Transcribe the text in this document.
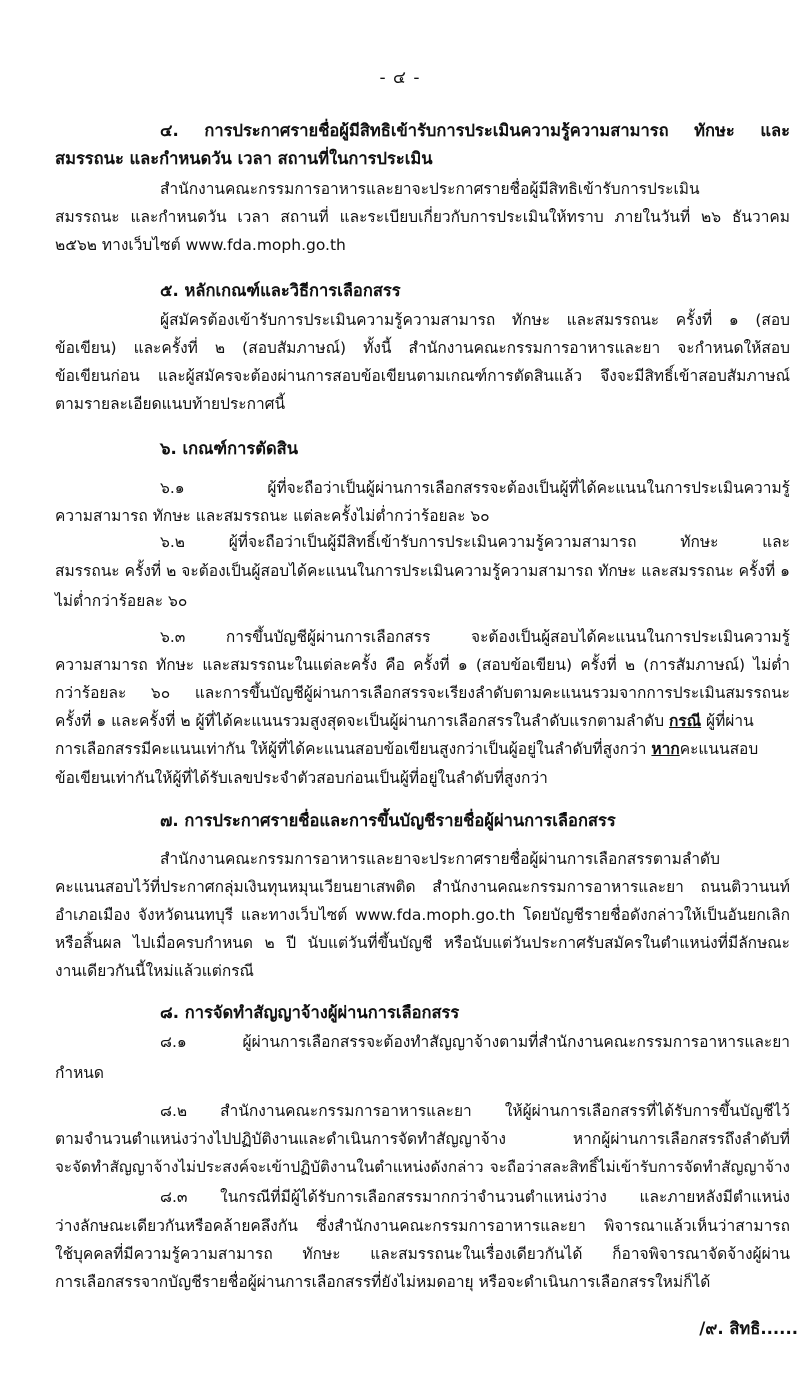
- ๔ -
๔. การประกาศรายชื่อผู้มีสิทธิเข้ารับการประเมินความรู้ความสามารถ ทักษะ และ
สมรรถนะ และกำหนดวัน เวลา สถานที่ในการประเมิน
สำนักงานคณะกรรมการอาหารและยาจะประกาศรายชื่อผู้มีสิทธิเข้ารับการประเมิน
สมรรถนะ และกำหนดวัน เวลา สถานที่ และระเบียบเกี่ยวกับการประเมินให้ทราบ ภายในวันที่ ๒๖ ธันวาคม
๒๕๖๒ ทางเว็บไซต์ www.fda.moph.go.th
๕. หลักเกณฑ์และวิธีการเลือกสรร
ผู้สมัครต้องเข้ารับการประเมินความรู้ความสามารถ ทักษะ และสมรรถนะ ครั้งที่ ๑ (สอบ
ข้อเขียน) และครั้งที่ ๒ (สอบสัมภาษณ์) ทั้งนี้ สำนักงานคณะกรรมการอาหารและยา จะกำหนดให้สอบ
ข้อเขียนก่อน และผู้สมัครจะต้องผ่านการสอบข้อเขียนตามเกณฑ์การตัดสินแล้ว จึงจะมีสิทธิ์เข้าสอบสัมภาษณ์
ตามรายละเอียดแนบท้ายประกาศนี้
๖. เกณฑ์การตัดสิน
๖.๑ ผู้ที่จะถือว่าเป็นผู้ผ่านการเลือกสรรจะต้องเป็นผู้ที่ได้คะแนนในการประเมินความรู้
ความสามารถ ทักษะ และสมรรถนะ แต่ละครั้งไม่ต่ำกว่าร้อยละ ๖๐
๖.๒ ผู้ที่จะถือว่าเป็นผู้มีสิทธิ์เข้ารับการประเมินความรู้ความสามารถ ทักษะ และ
สมรรถนะ ครั้งที่ ๒ จะต้องเป็นผู้สอบได้คะแนนในการประเมินความรู้ความสามารถ ทักษะ และสมรรถนะ ครั้งที่ ๑
ไม่ต่ำกว่าร้อยละ ๖๐
๖.๓ การขึ้นบัญชีผู้ผ่านการเลือกสรร จะต้องเป็นผู้สอบได้คะแนนในการประเมินความรู้
ความสามารถ ทักษะ และสมรรถนะในแต่ละครั้ง คือ ครั้งที่ ๑ (สอบข้อเขียน) ครั้งที่ ๒ (การสัมภาษณ์) ไม่ต่ำ
กว่าร้อยละ ๖๐ และการขึ้นบัญชีผู้ผ่านการเลือกสรรจะเรียงลำดับตามคะแนนรวมจากการประเมินสมรรถนะ
ครั้งที่ ๑ และครั้งที่ ๒ ผู้ที่ได้คะแนนรวมสูงสุดจะเป็นผู้ผ่านการเลือกสรรในลำดับแรกตามลำดับ กรณี ผู้ที่ผ่าน
การเลือกสรรมีคะแนนเท่ากัน ให้ผู้ที่ได้คะแนนสอบข้อเขียนสูงกว่าเป็นผู้อยู่ในลำดับที่สูงกว่า หากคะแนนสอบ
ข้อเขียนเท่ากันให้ผู้ที่ได้รับเลขประจำตัวสอบก่อนเป็นผู้ที่อยู่ในลำดับที่สูงกว่า
๗. การประกาศรายชื่อและการขึ้นบัญชีรายชื่อผู้ผ่านการเลือกสรร
สำนักงานคณะกรรมการอาหารและยาจะประกาศรายชื่อผู้ผ่านการเลือกสรรตามลำดับ
คะแนนสอบไว้ที่ประกาศกลุ่มเงินทุนหมุนเวียนยาเสพติด สำนักงานคณะกรรมการอาหารและยา ถนนติวานนท์
อำเภอเมือง จังหวัดนนทบุรี และทางเว็บไซต์ www.fda.moph.go.th โดยบัญชีรายชื่อดังกล่าวให้เป็นอันยกเลิก
หรือสิ้นผล ไปเมื่อครบกำหนด ๒ ปี นับแต่วันที่ขึ้นบัญชี หรือนับแต่วันประกาศรับสมัครในตำแหน่งที่มีลักษณะ
งานเดียวกันนี้ใหม่แล้วแต่กรณี
๘. การจัดทำสัญญาจ้างผู้ผ่านการเลือกสรร
๘.๑ ผู้ผ่านการเลือกสรรจะต้องทำสัญญาจ้างตามที่สำนักงานคณะกรรมการอาหารและยา
กำหนด
๘.๒ สำนักงานคณะกรรมการอาหารและยา ให้ผู้ผ่านการเลือกสรรที่ได้รับการขึ้นบัญชีไว้
ตามจำนวนตำแหน่งว่างไปปฏิบัติงานและดำเนินการจัดทำสัญญาจ้าง หากผู้ผ่านการเลือกสรรถึงลำดับที่
จะจัดทำสัญญาจ้างไม่ประสงค์จะเข้าปฏิบัติงานในตำแหน่งดังกล่าว จะถือว่าสละสิทธิ์ไม่เข้ารับการจัดทำสัญญาจ้าง
๘.๓ ในกรณีที่มีผู้ได้รับการเลือกสรรมากกว่าจำนวนตำแหน่งว่าง และภายหลังมีตำแหน่ง
ว่างลักษณะเดียวกันหรือคล้ายคลึงกัน ซึ่งสำนักงานคณะกรรมการอาหารและยา พิจารณาแล้วเห็นว่าสามารถ
ใช้บุคคลที่มีความรู้ความสามารถ ทักษะ และสมรรถนะในเรื่องเดียวกันได้ ก็อาจพิจารณาจัดจ้างผู้ผ่าน
การเลือกสรรจากบัญชีรายชื่อผู้ผ่านการเลือกสรรที่ยังไม่หมดอายุ หรือจะดำเนินการเลือกสรรใหม่ก็ได้
/๙. สิทธิ......
